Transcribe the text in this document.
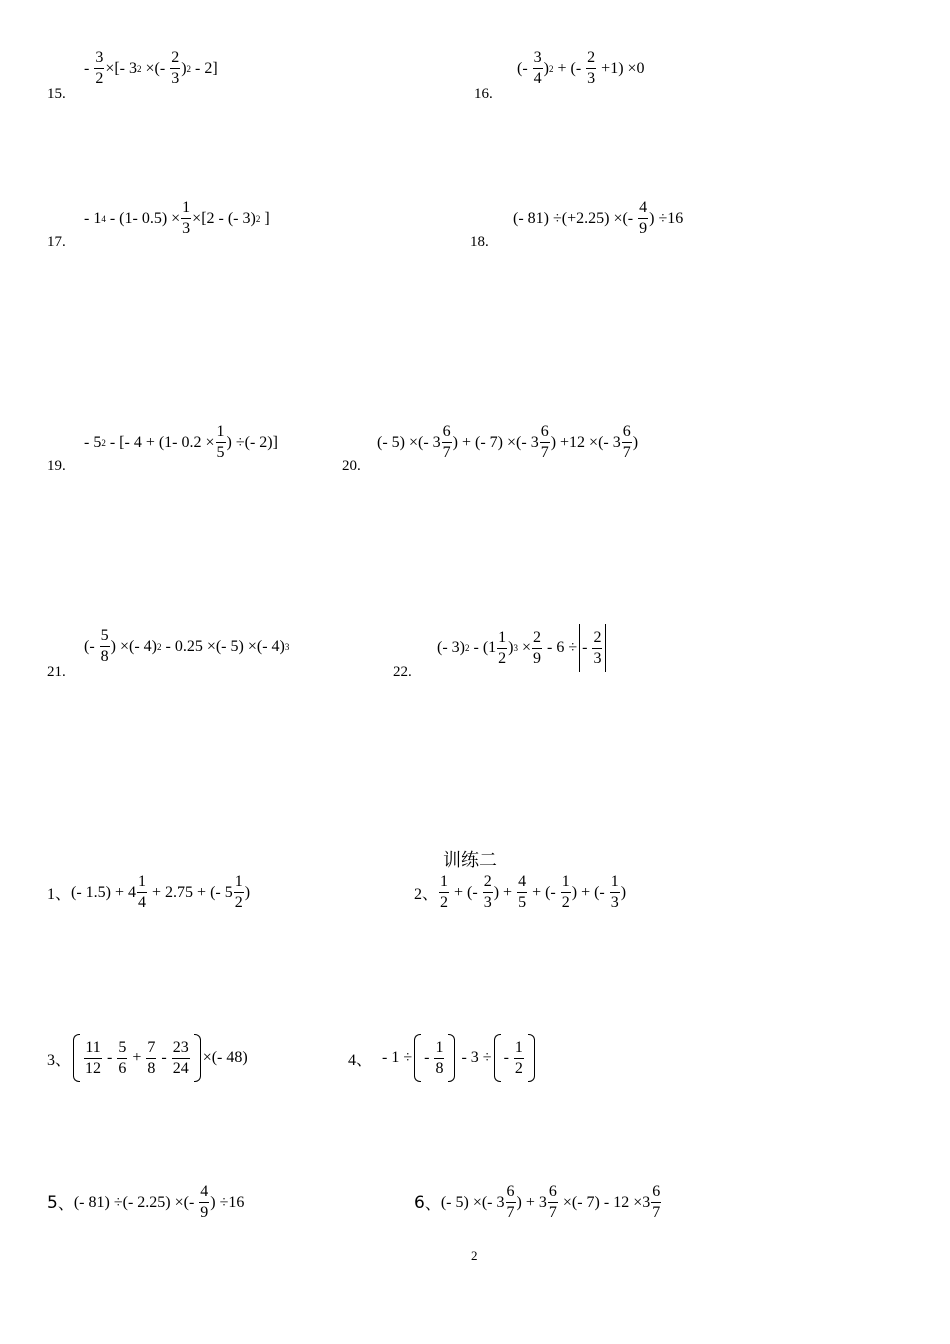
15.
- $\frac{3}{2}$ ×[- 3 2 ×(- $\frac{2}{3}$ ) 2 - 2]
16.
(- $\frac{3}{4}$ ) 2 + (- $\frac{2}{3} +1) \times 0$
17.
- 1 4 - (1- $0.5) \times \frac{1}{3} \times[2$ - (- 3) 2 ]
18.
(- 81) ÷(+2.25) ×(- $\frac{4}{9}$ ) ÷16
19.
- 5 2 - [- 4 + (1- $0.2 \times \frac{1}{5}$ ) ÷(- 2)]
20.
(- 5) ×(- $3 \frac{6}{7}$ ) + (- 7) ×(- $3 \frac{6}{7}$ ) +12 ×(- $3 \frac{6}{7}$ )
21.
(- $\frac{5}{8}$ ) ×(- 4) 2 - 0.25 ×(- 5) ×(- 4) 3
22.
(- 3) $2 - (1 \frac{1}{2}$ ) $3 \times \frac{2}{9} - 6$ ÷ - $\frac{2}{3}$
训练二
1、 (- $1.5) + 4 \frac{1}{4} + 2.75$ + (- $5 \frac{1}{2}$ )	2、 $\frac{1}{2}$ + (- $\frac{2}{3}$ ) + $\frac{4}{5}$ + (- $\frac{1}{2}$ ) + (- $\frac{1}{3}$ )
3、 $\frac{11}{12} - \frac{5}{6} + \frac{7}{8} - \frac{23}{24}$ ×(- 48)	4、 - 1 ÷ - $\frac{1}{8} - 3$ ÷ - $\frac{1}{2}$
5 、 (- 81) ÷(- 2.25) ×(- $\frac{4}{9}$ ) ÷16	6 、 (- 5) ×(- $3 \frac{6}{7}$ ) + $3 \frac{6}{7}$ ×(- $7) - 12 \times 3 \frac{6}{7}$
2
